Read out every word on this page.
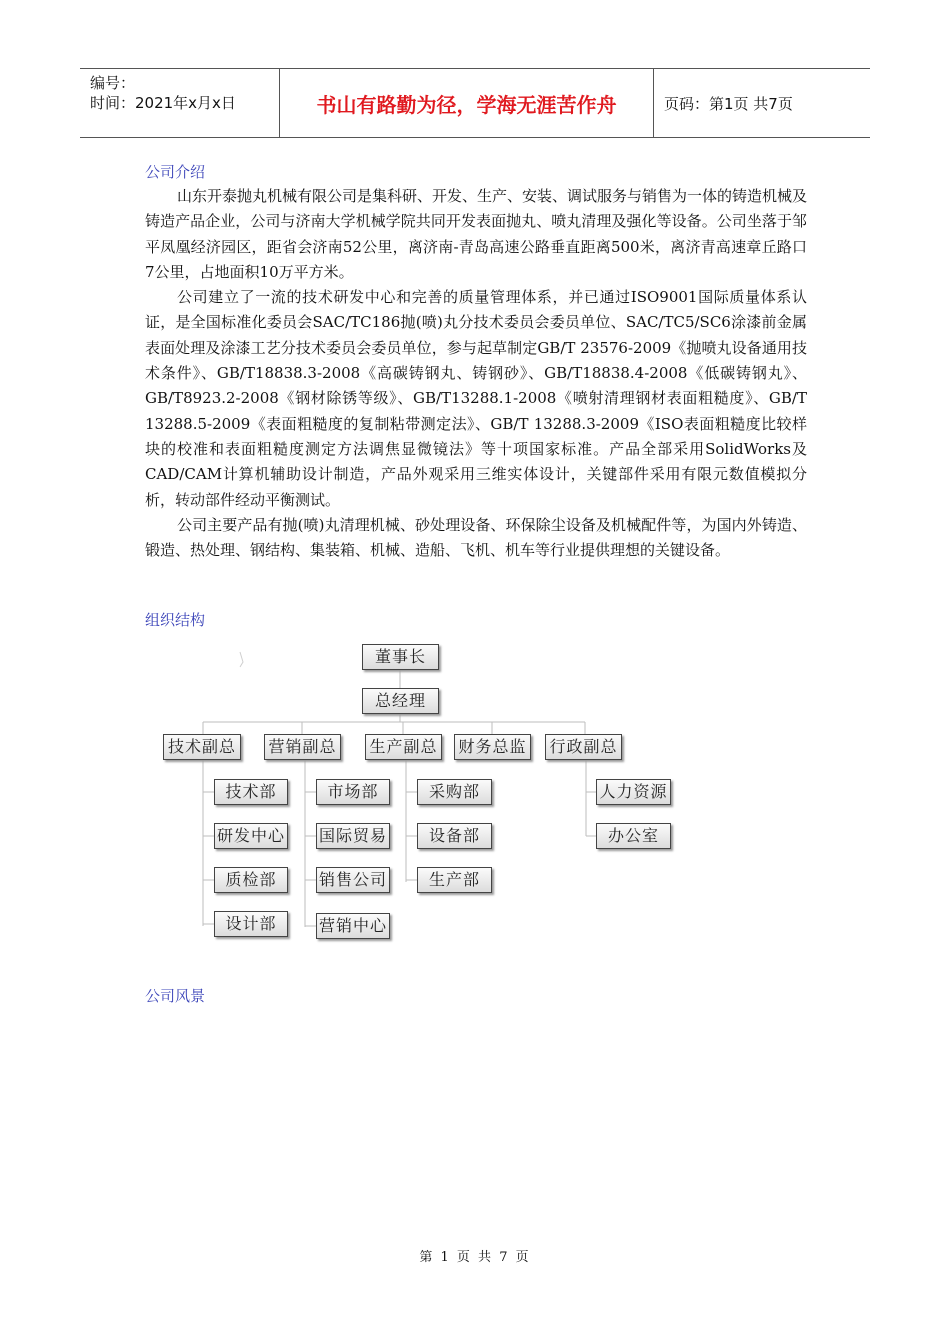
编号：
时间：2021年x月x日	书山有路勤为径，学海无涯苦作舟	页码：第1页 共7页
公司介绍

山东开泰抛丸机械有限公司是集科研、开发、生产、安装、调试服务与销售为一体的铸造机械及铸造产品企业，公司与济南大学机械学院共同开发表面抛丸、喷丸清理及强化等设备。公司坐落于邹平凤凰经济园区，距省会济南52公里，离济南-青岛高速公路垂直距离500米，离济青高速章丘路口7公里，占地面积10万平方米。

公司建立了一流的技术研发中心和完善的质量管理体系，并已通过ISO9001国际质量体系认证，是全国标准化委员会SAC/TC186抛(喷)丸分技术委员会委员单位、SAC/TC5/SC6涂漆前金属表面处理及涂漆工艺分技术委员会委员单位，参与起草制定GB/T 23576-2009《抛喷丸设备通用技术条件》、GB/T18838.3-2008《高碳铸钢丸、铸钢砂》、GB/T18838.4-2008《低碳铸钢丸》、GB/T8923.2-2008《钢材除锈等级》、GB/T13288.1-2008《喷射清理钢材表面粗糙度》、GB/T 13288.5-2009《表面粗糙度的复制粘带测定法》、GB/T 13288.3-2009《ISO表面粗糙度比较样块的校准和表面粗糙度测定方法调焦显微镜法》等十项国家标准。产品全部采用SolidWorks及CAD/CAM计算机辅助设计制造，产品外观采用三维实体设计，关键部件采用有限元数值模拟分析，转动部件经动平衡测试。

公司主要产品有抛(喷)丸清理机械、砂处理设备、环保除尘设备及机械配件等，为国内外铸造、锻造、热处理、钢结构、集装箱、机械、造船、飞机、机车等行业提供理想的关键设备。

组织结构
董事长
总经理
技术副总	营销副总 生产副总 财务总监 行政副总
技术部
研发中心
质检部
设计部
市场部
国际贸易
销售公司
营销中心
采购部
设备部
生产部
人力资源
办公室
公司风景
第 1 页 共 7 页
